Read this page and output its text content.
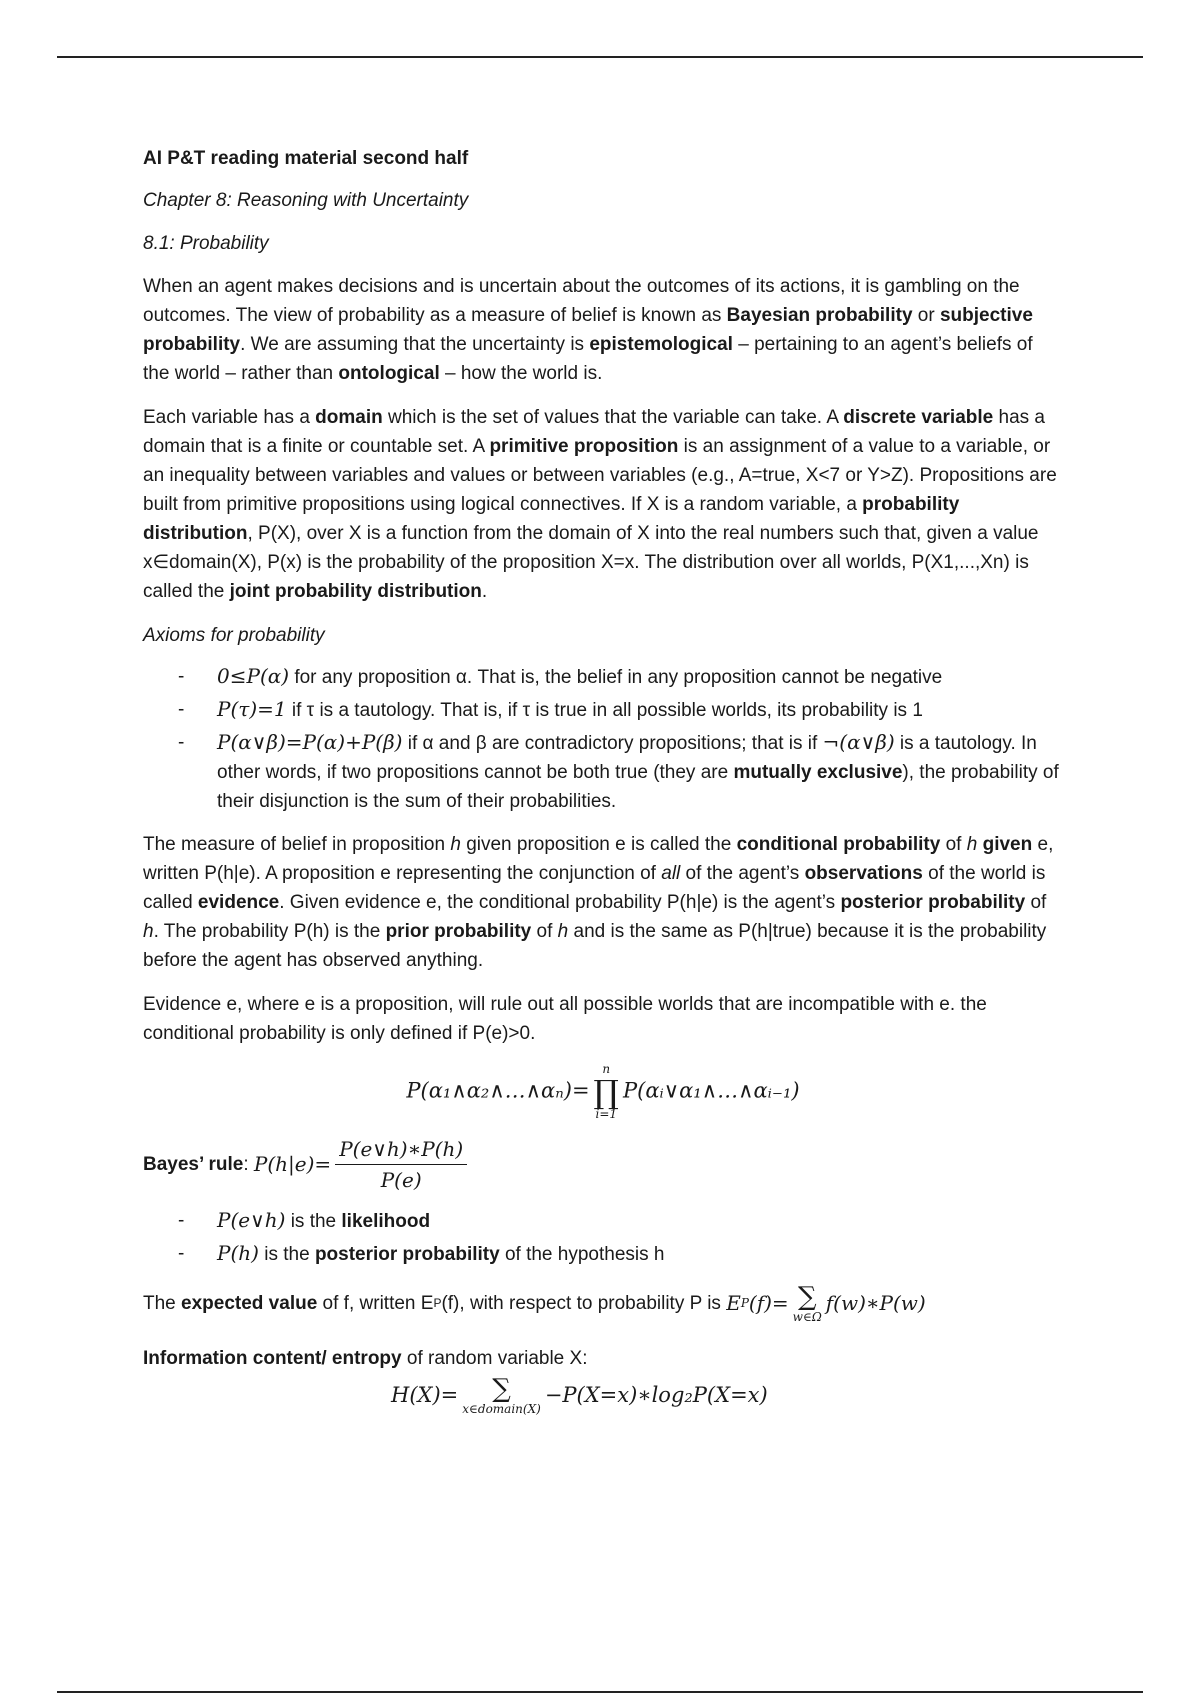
AI P&T reading material second half
Chapter 8: Reasoning with Uncertainty
8.1: Probability

When an agent makes decisions and is uncertain about the outcomes of its actions, it is gambling on the outcomes. The view of probability as a measure of belief is known as Bayesian probability or subjective probability. We are assuming that the uncertainty is epistemological – pertaining to an agent’s beliefs of the world – rather than ontological – how the world is.

Each variable has a domain which is the set of values that the variable can take. A discrete variable has a domain that is a finite or countable set. A primitive proposition is an assignment of a value to a variable, or an inequality between variables and values or between variables (e.g., A=true, X<7 or Y>Z). Propositions are built from primitive propositions using logical connectives. If X is a random variable, a probability distribution, P(X), over X is a function from the domain of X into the real numbers such that, given a value x∈domain(X), P(x) is the probability of the proposition X=x. The distribution over all worlds, P(X1,...,Xn) is called the joint probability distribution.

Axioms for probability
- 0≤P(α) for any proposition α. That is, the belief in any proposition cannot be negative
- P(τ)=1 if τ is a tautology. That is, if τ is true in all possible worlds, its probability is 1
- P(α∨β)=P(α)+P(β) if α and β are contradictory propositions; that is if ¬(α∨β) is a tautology. In other words, if two propositions cannot be both true (they are mutually exclusive), the probability of their disjunction is the sum of their probabilities.

The measure of belief in proposition h given proposition e is called the conditional probability of h given e, written P(h|e). A proposition e representing the conjunction of all of the agent’s observations of the world is called evidence. Given evidence e, the conditional probability P(h|e) is the agent’s posterior probability of h. The probability P(h) is the prior probability of h and is the same as P(h|true) because it is the probability before the agent has observed anything.

Evidence e, where e is a proposition, will rule out all possible worlds that are incompatible with e. the conditional probability is only defined if P(e)>0.

P(α₁∧α₂∧…∧αₙ)=
n
∏
i=1
P(αᵢ∨α₁∧…∧αᵢ₋₁)
Bayes’ rule : $P(h|e)= \frac{P(e\vee h)∗P(h)}{P(e)}$
- P(e∨h) is the likelihood
- P(h) is the posterior probability of the hypothesis h
The expected value of f, written E P (f), with respect to probability P is E P (f)= ∑
w∈Ω
f(w)∗P(w)
Information content/ entropy of random variable X:
H(X)= ∑
x∈domain(X)
−P(X=x)∗log₂P(X=x)
